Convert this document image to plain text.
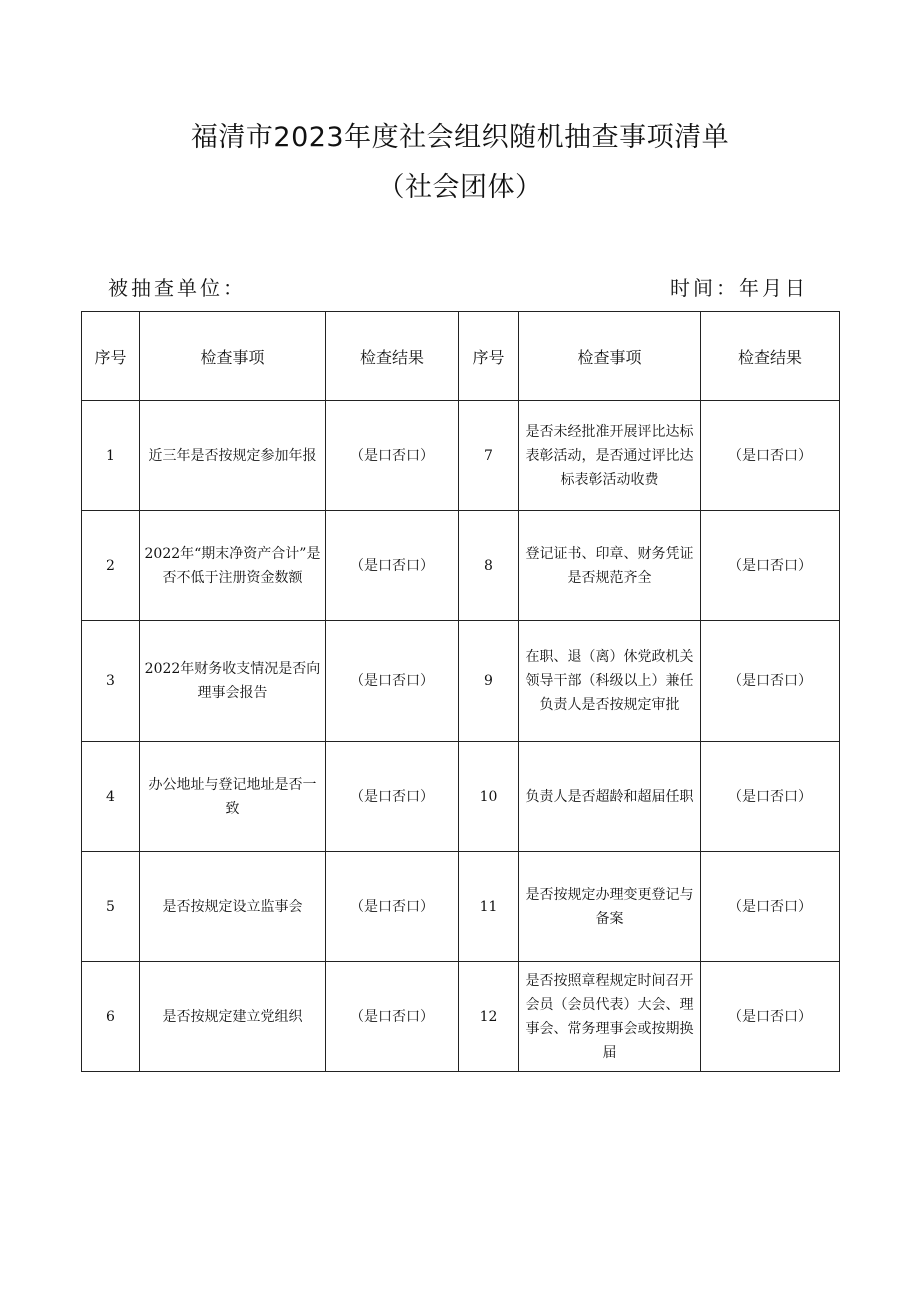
福清市2023年度社会组织随机抽查事项清单
（社会团体）
被抽查单位：	时间：年月日
序号	检查事项	检查结果	序号	检查事项	检查结果
1	近三年是否按规定参加年报	（是口否口）	7	是否未经批准开展评比达标表彰活动，是否通过评比达标表彰活动收费	（是口否口）
2	2022年“期末净资产合计”是否不低于注册资金数额	（是口否口）	8	登记证书、印章、财务凭证是否规范齐全	（是口否口）
3	2022年财务收支情况是否向理事会报告	（是口否口）	9	在职、退（离）休党政机关领导干部（科级以上）兼任负责人是否按规定审批	（是口否口）
4	办公地址与登记地址是否一致	（是口否口）	10	负责人是否超龄和超届任职	（是口否口）
5	是否按规定设立监事会	（是口否口）	11	是否按规定办理变更登记与备案	（是口否口）
6	是否按规定建立党组织	（是口否口）	12	是否按照章程规定时间召开会员（会员代表）大会、理事会、常务理事会或按期换届	（是口否口）
